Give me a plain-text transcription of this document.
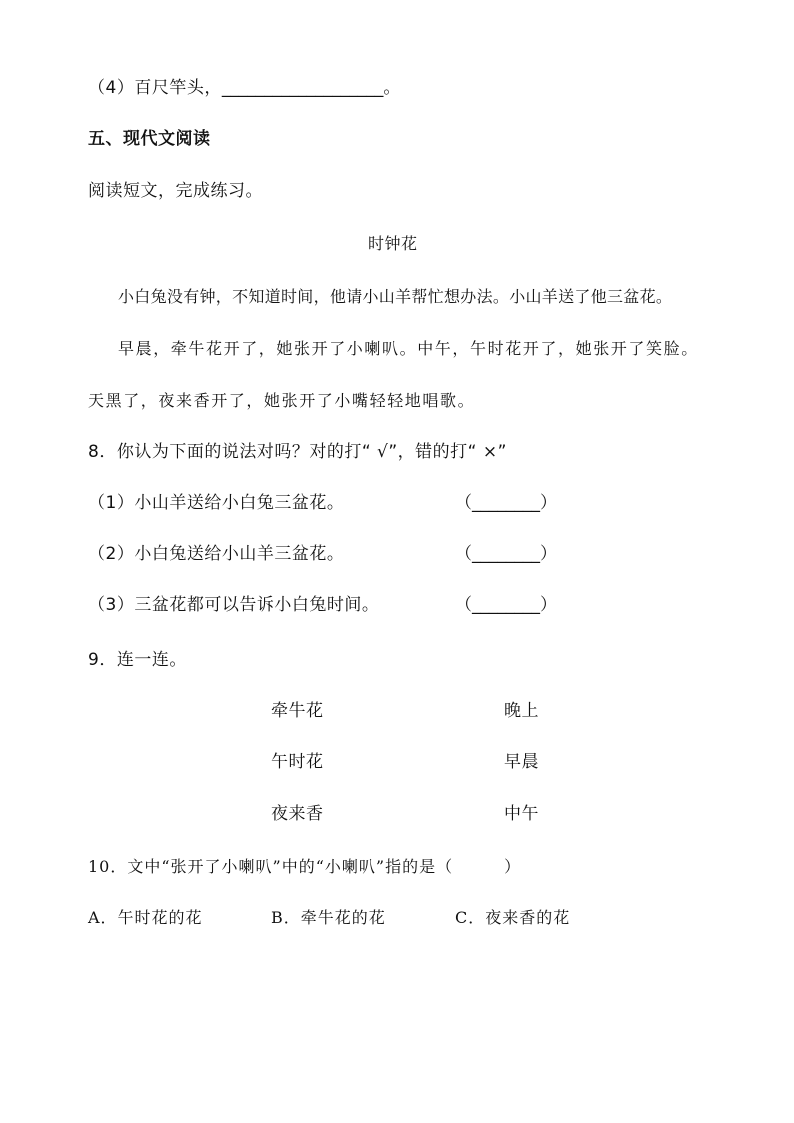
（4）百尺竿头，___________________。
五、现代文阅读
阅读短文，完成练习。
时钟花
小白兔没有钟，不知道时间，他请小山羊帮忙想办法。小山羊送了他三盆花。
早晨，牵牛花开了，她张开了小喇叭。中午，午时花开了，她张开了笑脸。
天黑了，夜来香开了，她张开了小嘴轻轻地唱歌。
8．你认为下面的说法对吗？对的打“ √”，错的打“ ×”
（1）小山羊送给小白兔三盆花。	（________）
（2）小白兔送给小山羊三盆花。	（________）
（3）三盆花都可以告诉小白兔时间。	（________）
9．连一连。
牵牛花	晚上
午时花	早晨
夜来香	中午
10．文中“张开了小喇叭”中的“小喇叭”指的是（　　　）
A．午时花的花	B．牵牛花的花	C．夜来香的花
